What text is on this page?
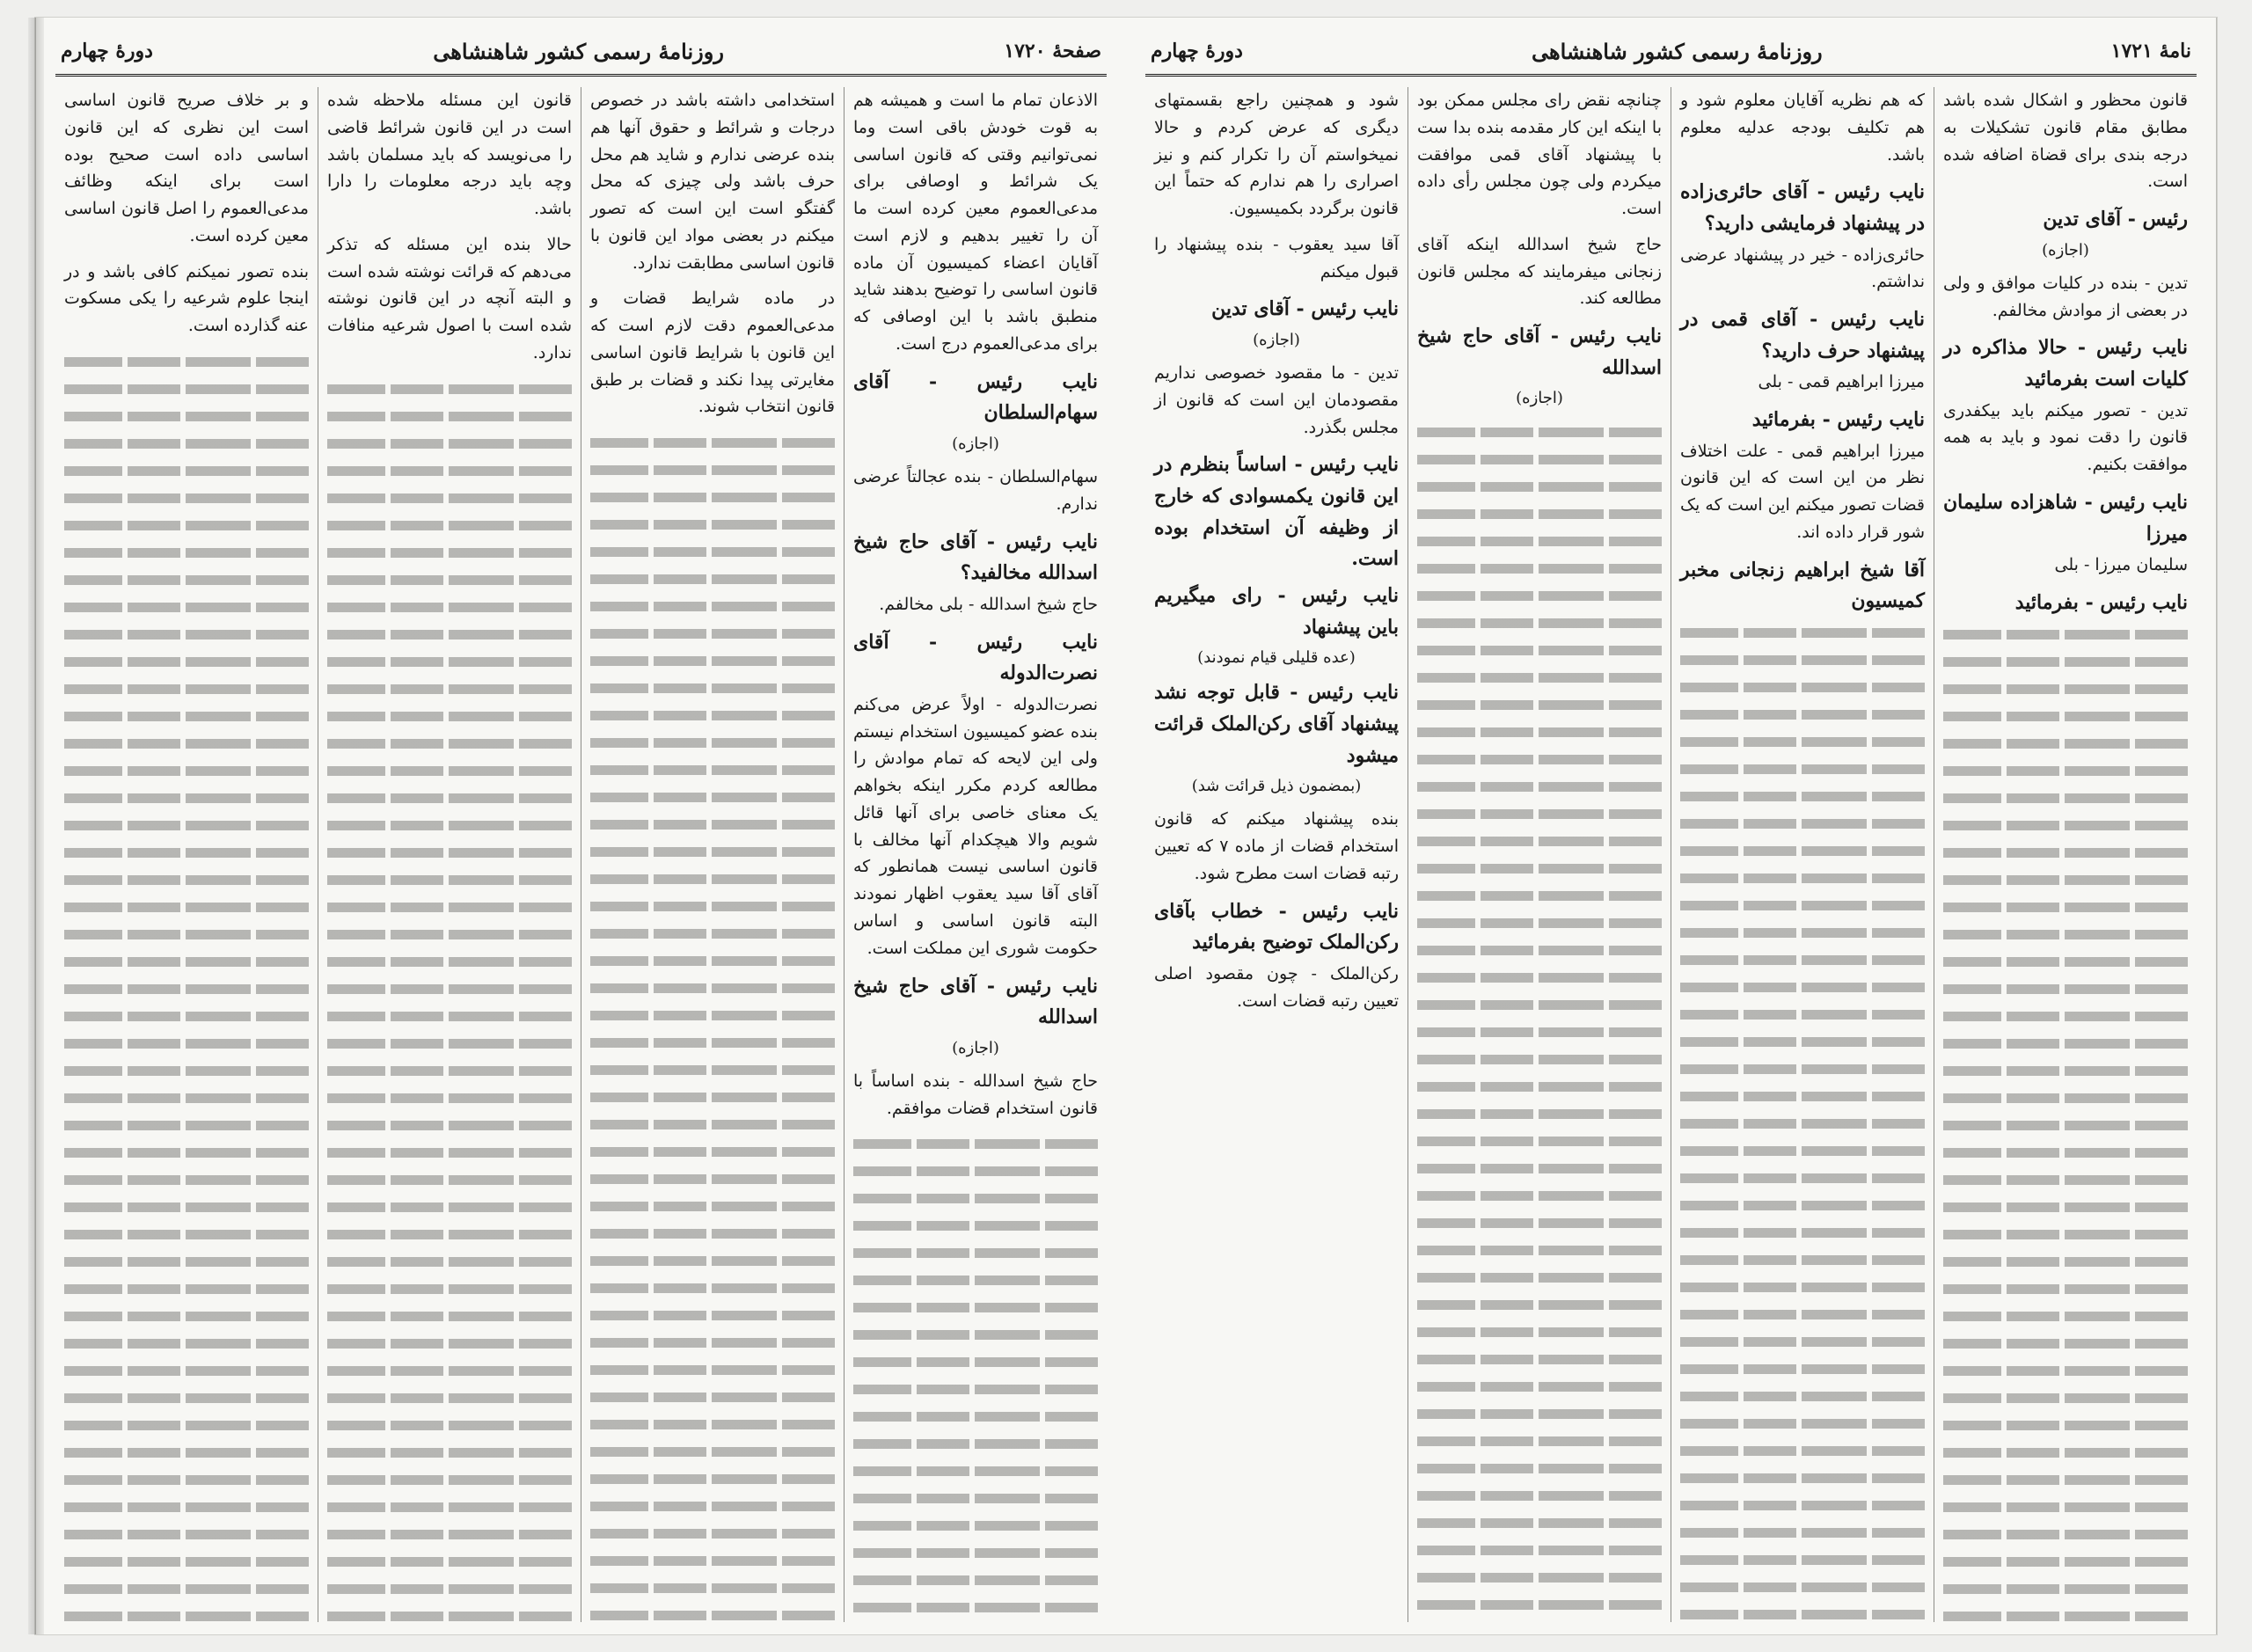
صفحهٔ ۱۷۲۰
روزنامهٔ رسمی کشور شاهنشاهی
دورهٔ چهارم

الاذعان تمام ما است و همیشه هم به قوت خودش باقی است وما نمی‌توانیم وقتی که قانون اساسی یک شرائط و اوصافی برای مدعی‌العموم معین کرده است ما آن را تغییر بدهیم و لازم است آقایان اعضاء کمیسیون آن ماده قانون اساسی را توضیح بدهند شاید منطبق باشد با این اوصافی که برای مدعی‌العموم درج است.

نایب رئیس - آقای سهام‌السلطان
(اجازه)

سهام‌السلطان - بنده عجالتاً عرضی ندارم.

نایب رئیس - آقای حاج شیخ اسدالله مخالفید؟

حاج شیخ اسدالله - بلی مخالفم.

نایب رئیس - آقای نصرت‌الدوله

نصرت‌الدوله - اولاً عرض می‌کنم بنده عضو کمیسیون استخدام نیستم ولی این لایحه که تمام موادش را مطالعه کردم مکرر اینکه بخواهم یک معنای خاصی برای آنها قائل شویم والا هیچکدام آنها مخالف با قانون اساسی نیست همانطور که آقای آقا سید یعقوب اظهار نمودند البته قانون اساسی و اساس حکومت شوری این مملکت است.

نایب رئیس - آقای حاج شیخ اسدالله
(اجازه)

حاج شیخ اسدالله - بنده اساساً با قانون استخدام قضات موافقم.

استخدامی داشته باشد در خصوص درجات و شرائط و حقوق آنها هم بنده عرضی ندارم و شاید هم محل حرف باشد ولی چیزی که محل گفتگو است این است که تصور میکنم در بعضی مواد این قانون با قانون اساسی مطابقت ندارد.

در ماده شرایط قضات و مدعی‌العموم دقت لازم است که این قانون با شرایط قانون اساسی مغایرتی پیدا نکند و قضات بر طبق قانون انتخاب شوند.

قانون این مسئله ملاحظه شده است در این قانون شرائط قاضی را می‌نویسد که باید مسلمان باشد وچه باید درجه معلومات را دارا باشد.

حالا بنده این مسئله که تذکر می‌دهم که قرائت نوشته شده است و البته آنچه در این قانون نوشته شده است با اصول شرعیه منافات ندارد.

و بر خلاف صریح قانون اساسی است این نظری که این قانون اساسی داده است صحیح بوده است برای اینکه وظائف مدعی‌العموم را اصل قانون اساسی معین کرده است.

بنده تصور نمیکنم کافی باشد و در اینجا علوم شرعیه را یکی مسکوت عنه گذارده است.

نامهٔ ۱۷۲۱
روزنامهٔ رسمی کشور شاهنشاهی
دورهٔ چهارم

قانون محظور و اشکال شده باشد مطابق مقام قانون تشکیلات به درجه بندی برای قضاة اضافه شده است.

رئیس - آقای تدین
(اجازه)

تدین - بنده در کلیات موافق و ولی در بعضی از موادش مخالفم.

نایب رئیس - حالا مذاکره در کلیات است بفرمائید

تدین - تصور میکنم باید بیکفدری قانون را دقت نمود و باید به همه موافقت بکنیم.

نایب رئیس - شاهزاده سلیمان میرزا

سلیمان میرزا - بلی

نایب رئیس - بفرمائید

که هم نظریه آقایان معلوم شود و هم تکلیف بودجه عدلیه معلوم باشد.

نایب رئیس - آقای حائری‌زاده در پیشنهاد فرمایشی دارید؟

حائری‌زاده - خیر در پیشنهاد عرضی نداشتم.

نایب رئیس - آقای قمی در پیشنهاد حرف دارید؟

میرزا ابراهیم قمی - بلی

نایب رئیس - بفرمائید

میرزا ابراهیم قمی - علت اختلاف نظر من این است که این قانون قضات تصور میکنم این است که یک شور قرار داده اند.

آقا شیخ ابراهیم زنجانی مخبر کمیسیون

چنانچه نقض رای مجلس ممکن بود با اینکه این کار مقدمه بنده بدا ست با پیشنهاد آقای قمی موافقت میکردم ولی چون مجلس رأی داده است.

حاج شیخ اسدالله اینکه آقای زنجانی میفرمایند که مجلس قانون مطالعه کند.

نایب رئیس - آقای حاج شیخ اسدالله
(اجازه)

شود و همچنین راجع بقسمتهای دیگری که عرض کردم و حالا نمیخواستم آن را تکرار کنم و نیز اصراری را هم ندارم که حتماً این قانون برگردد بکمیسیون.

آقا سید یعقوب - بنده پیشنهاد را قبول میکنم

نایب رئیس - آقای تدین
(اجازه)

تدین - ما مقصود خصوصی نداریم مقصودمان این است که قانون از مجلس بگذرد.

نایب رئیس - اساساً بنظرم در این قانون یکمسوادی که خارج از وظیفه آن استخدام بوده است.
نایب رئیس - رای میگیریم باین پیشنهاد
(عده قلیلی قیام نمودند)
نایب رئیس - قابل توجه نشد پیشنهاد آقای رکن‌الملک قرائت میشود
(بمضمون ذیل قرائت شد)

بنده پیشنهاد میکنم که قانون استخدام قضات از ماده ۷ که تعیین رتبه قضات است مطرح شود.

نایب رئیس - خطاب بآقای رکن‌الملک توضیح بفرمائید

رکن‌الملک - چون مقصود اصلی تعیین رتبه قضات است.
